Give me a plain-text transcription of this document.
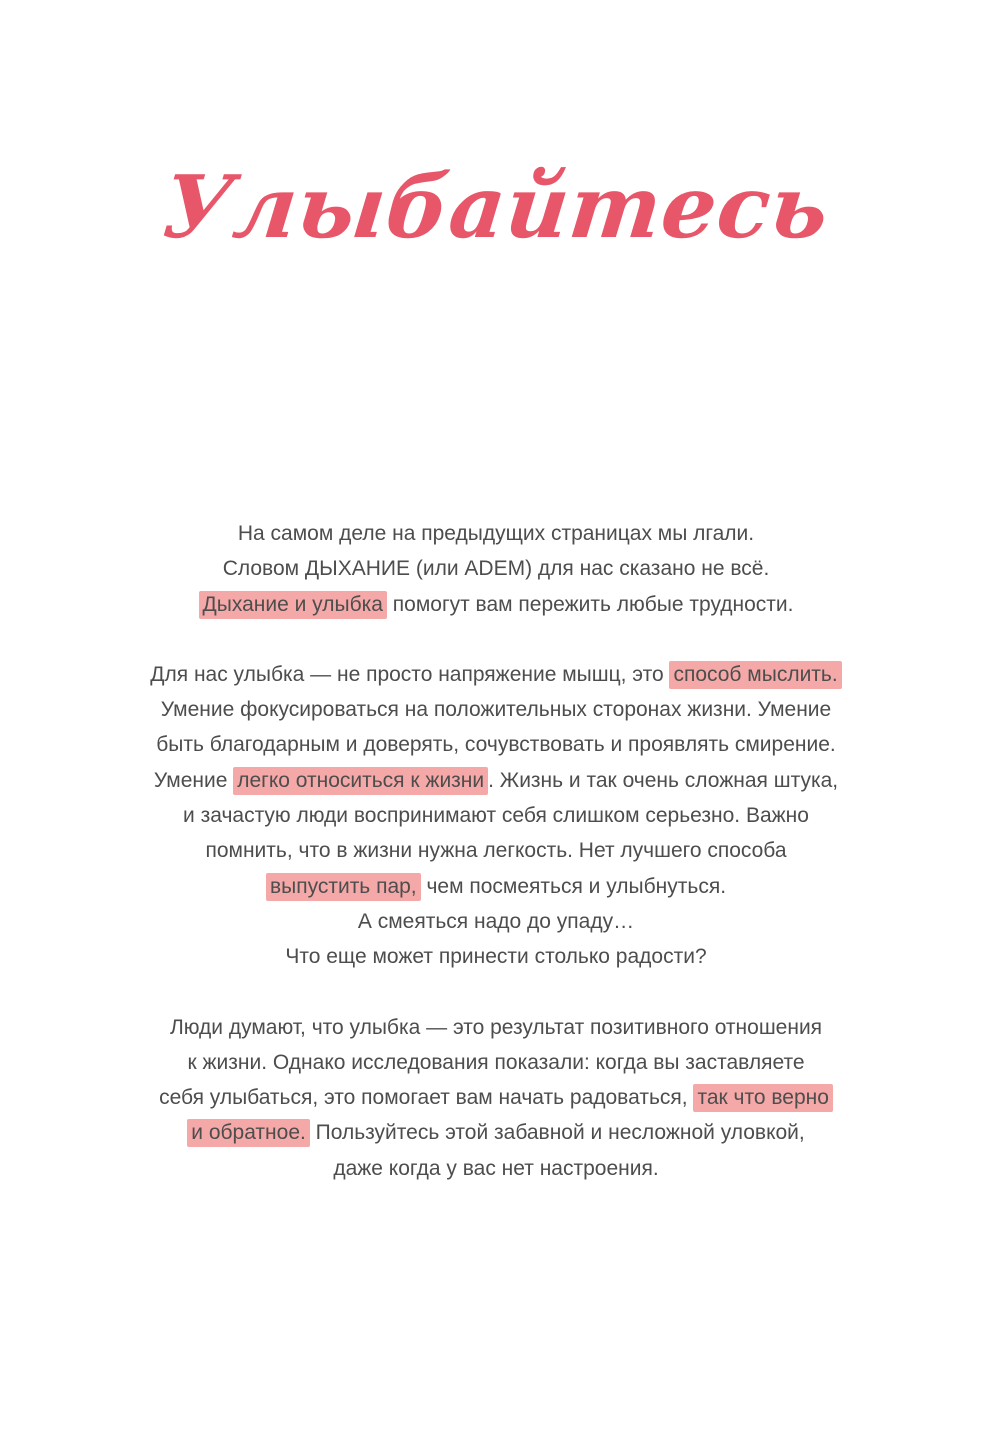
Улыбайтесь
На самом деле на предыдущих страницах мы лгали.
Словом ДЫХАНИЕ (или ADEM) для нас сказано не всё.
Дыхание и улыбка помогут вам пережить любые трудности.
Для нас улыбка — не просто напряжение мышц, это способ мыслить.
Умение фокусироваться на положительных сторонах жизни. Умение
быть благодарным и доверять, сочувствовать и проявлять смирение.
Умение легко относиться к жизни . Жизнь и так очень сложная штука,
и зачастую люди воспринимают себя слишком серьезно. Важно
помнить, что в жизни нужна легкость. Нет лучшего способа
выпустить пар, чем посмеяться и улыбнуться.
А смеяться надо до упаду…
Что еще может принести столько радости?
Люди думают, что улыбка — это результат позитивного отношения
к жизни. Однако исследования показали: когда вы заставляете
себя улыбаться, это помогает вам начать радоваться, так что верно
и обратное. Пользуйтесь этой забавной и несложной уловкой,
даже когда у вас нет настроения.
